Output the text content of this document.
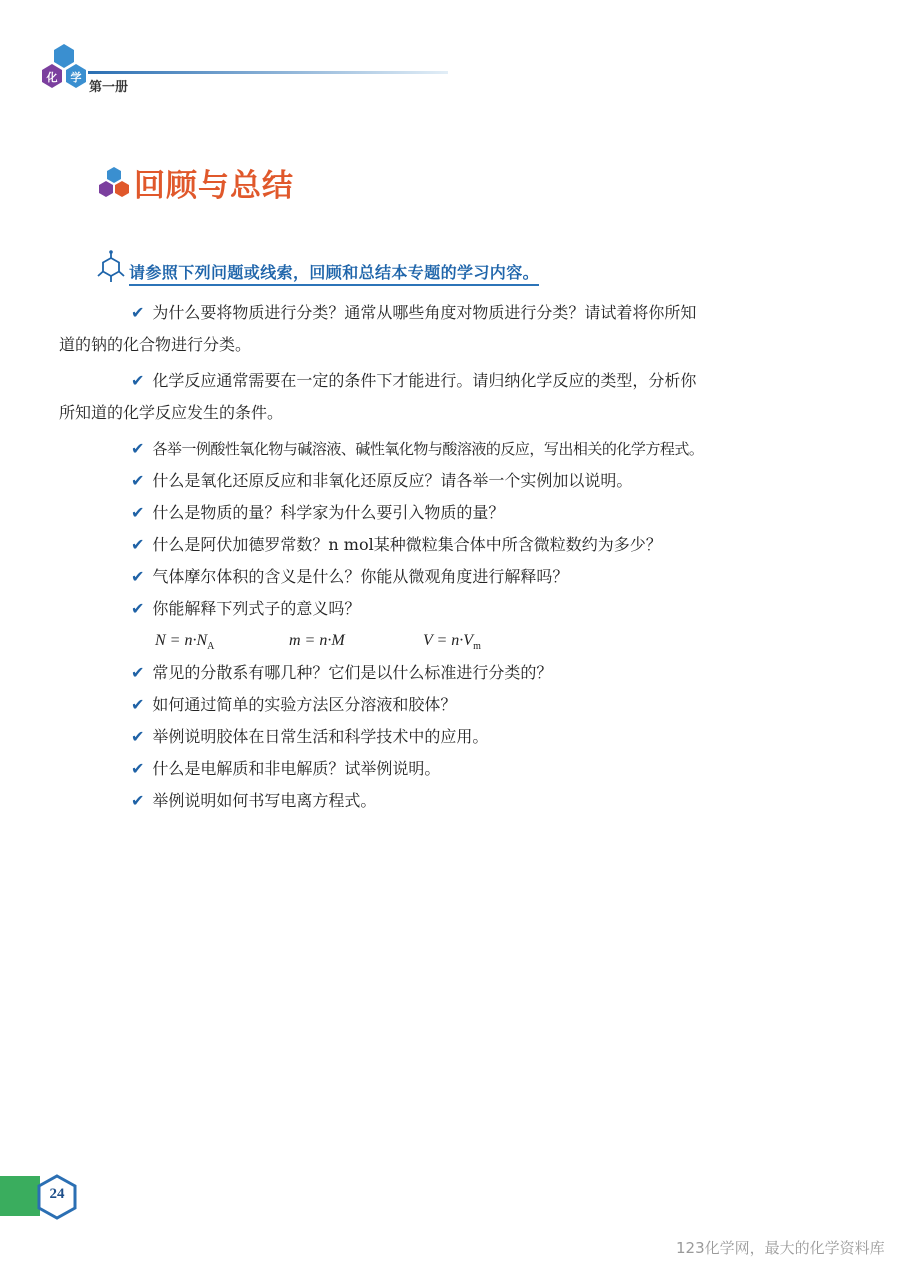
化 学
第一册
回顾与总结
请参照下列问题或线索，回顾和总结本专题的学习内容。

✔ 为什么要将物质进行分类？通常从哪些角度对物质进行分类？请试着将你所知
道的钠的化合物进行分类。

✔ 化学反应通常需要在一定的条件下才能进行。请归纳化学反应的类型，分析你
所知道的化学反应发生的条件。

✔ 各举一例酸性氧化物与碱溶液、碱性氧化物与酸溶液的反应，写出相关的化学方程式。

✔ 什么是氧化还原反应和非氧化还原反应？请各举一个实例加以说明。

✔ 什么是物质的量？科学家为什么要引入物质的量？

✔ 什么是阿伏加德罗常数？n mol某种微粒集合体中所含微粒数约为多少？

✔ 气体摩尔体积的含义是什么？你能从微观角度进行解释吗？

✔ 你能解释下列式子的意义吗？

$N = n\cdot N_A$	m = n·M	$V = n\cdot V_m$

✔ 常见的分散系有哪几种？它们是以什么标准进行分类的？

✔ 如何通过简单的实验方法区分溶液和胶体？

✔ 举例说明胶体在日常生活和科学技术中的应用。

✔ 什么是电解质和非电解质？试举例说明。

✔ 举例说明如何书写电离方程式。

24
123化学网，最大的化学资料库
